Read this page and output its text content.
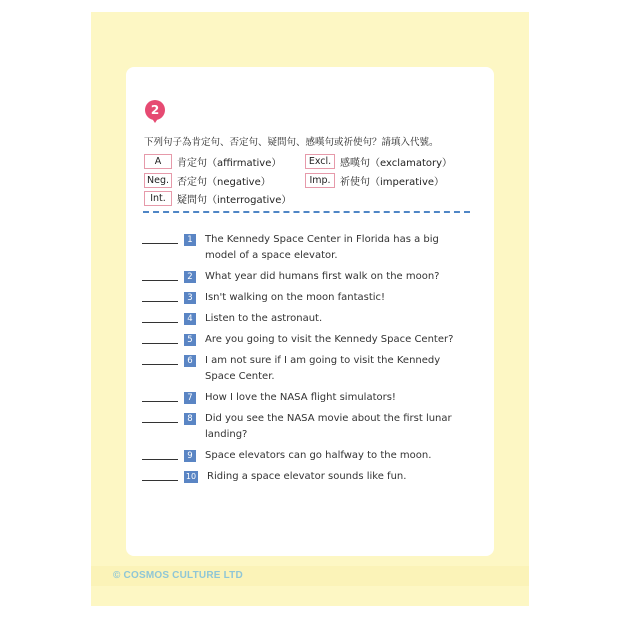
2
下列句子為肯定句、否定句、疑問句、感嘆句或祈使句？請填入代號。
A	肯定句（affirmative）	Excl. 感嘆句（exclamatory）
Neg. 否定句（negative）	Imp. 祈使句（imperative）
Int.	疑問句（interrogative）
1	The Kennedy Space Center in Florida has a big model of a space elevator.
2	What year did humans first walk on the moon?
3	Isn't walking on the moon fantastic!
4	Listen to the astronaut.
5	Are you going to visit the Kennedy Space Center?
6	I am not sure if I am going to visit the Kennedy Space Center.
7	How I love the NASA flight simulators!
8	Did you see the NASA movie about the first lunar landing?
9	Space elevators can go halfway to the moon.
10 Riding a space elevator sounds like fun.
© COSMOS CULTURE LTD
